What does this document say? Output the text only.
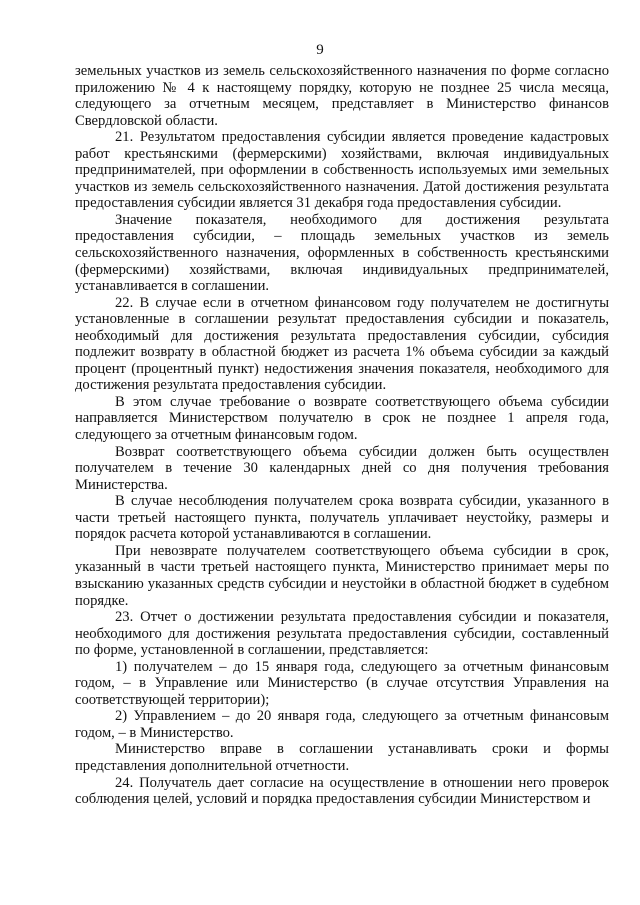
9

земельных участков из земель сельскохозяйственного назначения по форме согласно приложению № 4 к настоящему порядку, которую не позднее 25 числа месяца, следующего за отчетным месяцем, представляет в Министерство финансов Свердловской области.

21. Результатом предоставления субсидии является проведение кадастровых работ крестьянскими (фермерскими) хозяйствами, включая индивидуальных предпринимателей, при оформлении в собственность используемых ими земельных участков из земель сельскохозяйственного назначения. Датой достижения результата предоставления субсидии является 31 декабря года предоставления субсидии.

Значение показателя, необходимого для достижения результата предоставления субсидии, – площадь земельных участков из земель сельскохозяйственного назначения, оформленных в собственность крестьянскими (фермерскими) хозяйствами, включая индивидуальных предпринимателей, устанавливается в соглашении.

22. В случае если в отчетном финансовом году получателем не достигнуты установленные в соглашении результат предоставления субсидии и показатель, необходимый для достижения результата предоставления субсидии, субсидия подлежит возврату в областной бюджет из расчета 1% объема субсидии за каждый процент (процентный пункт) недостижения значения показателя, необходимого для достижения результата предоставления субсидии.

В этом случае требование о возврате соответствующего объема субсидии направляется Министерством получателю в срок не позднее 1 апреля года, следующего за отчетным финансовым годом.

Возврат соответствующего объема субсидии должен быть осуществлен получателем в течение 30 календарных дней со дня получения требования Министерства.

В случае несоблюдения получателем срока возврата субсидии, указанного в части третьей настоящего пункта, получатель уплачивает неустойку, размеры и порядок расчета которой устанавливаются в соглашении.

При невозврате получателем соответствующего объема субсидии в срок, указанный в части третьей настоящего пункта, Министерство принимает меры по взысканию указанных средств субсидии и неустойки в областной бюджет в судебном порядке.

23. Отчет о достижении результата предоставления субсидии и показателя, необходимого для достижения результата предоставления субсидии, составленный по форме, установленной в соглашении, представляется:

1) получателем – до 15 января года, следующего за отчетным финансовым годом, – в Управление или Министерство (в случае отсутствия Управления на соответствующей территории);

2) Управлением – до 20 января года, следующего за отчетным финансовым годом, – в Министерство.

Министерство вправе в соглашении устанавливать сроки и формы представления дополнительной отчетности.

24. Получатель дает согласие на осуществление в отношении него проверок соблюдения целей, условий и порядка предоставления субсидии Министерством и
